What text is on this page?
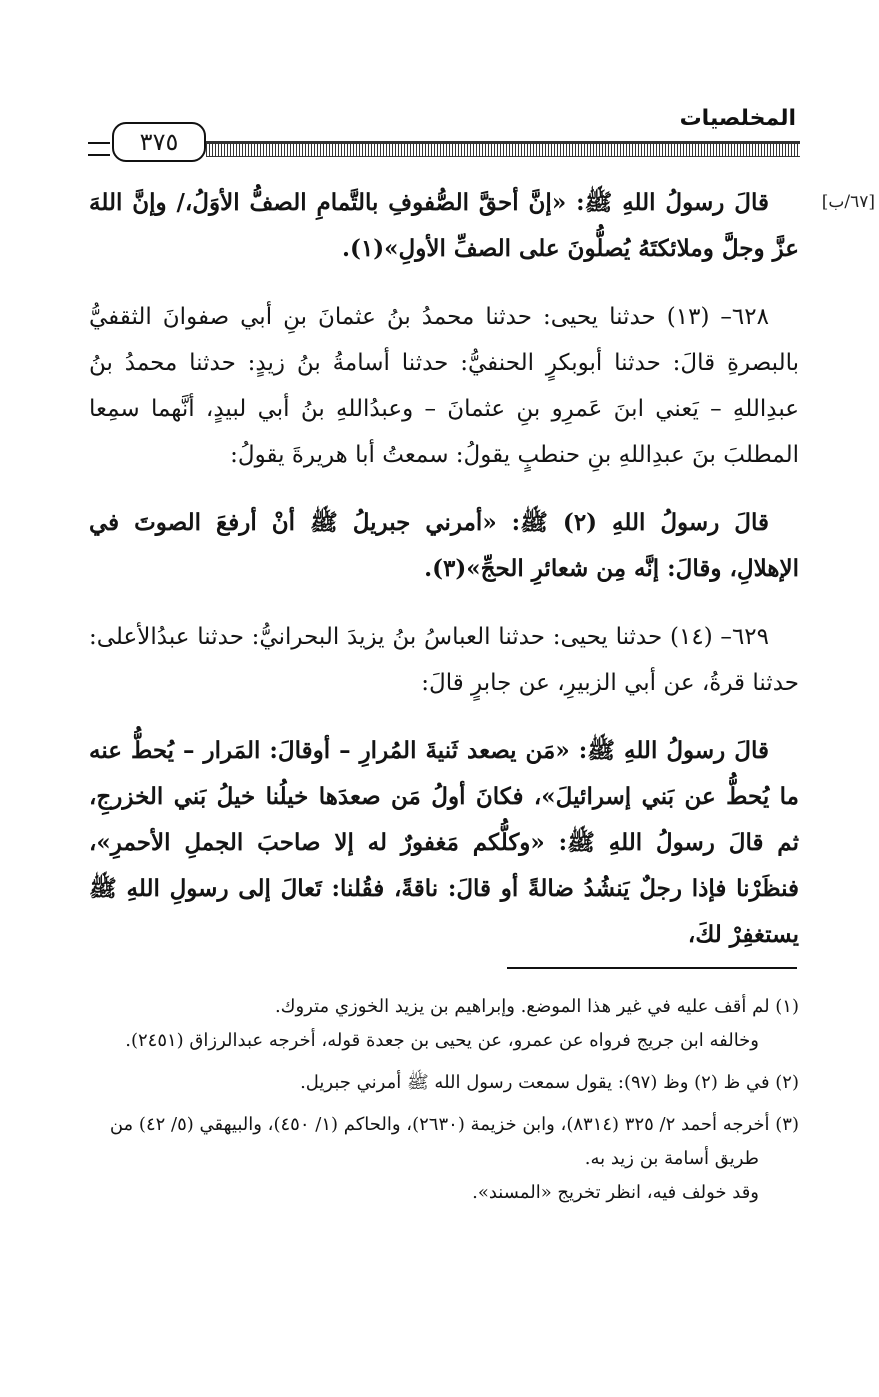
المخلصيات
٣٧٥
[٦٧/ب]

قالَ رسولُ اللهِ ﷺ: «إنَّ أحقَّ الصُّفوفِ بالتَّمامِ الصفُّ الأوَلُ،/ وإنَّ اللهَ عزَّ وجلَّ وملائكتَهُ يُصلُّونَ على الصفِّ الأولِ»(١).

٦٢٨– (١٣) حدثنا يحيى: حدثنا محمدُ بنُ عثمانَ بنِ أبي صفوانَ الثقفيُّ بالبصرةِ قالَ: حدثنا أبوبكرٍ الحنفيُّ: حدثنا أسامةُ بنُ زيدٍ: حدثنا محمدُ بنُ عبدِاللهِ – يَعني ابنَ عَمرِو بنِ عثمانَ – وعبدُاللهِ بنُ أبي لبيدٍ، أنَّهما سمِعا المطلبَ بنَ عبدِاللهِ بنِ حنطبٍ يقولُ: سمعتُ أبا هريرةَ يقولُ:

قالَ رسولُ اللهِ (٢) ﷺ: «أمرني جبريلُ ﷺ أنْ أرفعَ الصوتَ في الإهلالِ، وقالَ: إنَّه مِن شعائرِ الحجِّ»(٣).

٦٢٩– (١٤) حدثنا يحيى: حدثنا العباسُ بنُ يزيدَ البحرانيُّ: حدثنا عبدُالأعلى: حدثنا قرةُ، عن أبي الزبيرِ، عن جابرٍ قالَ:

قالَ رسولُ اللهِ ﷺ: «مَن يصعد ثَنيةَ المُرارِ – أوقالَ: المَرار – يُحطُّ عنه ما يُحطُّ عن بَني إسرائيلَ»، فكانَ أولُ مَن صعدَها خيلُنا خيلُ بَني الخزرجِ، ثم قالَ رسولُ اللهِ ﷺ: «وكلُّكم مَغفورٌ له إلا صاحبَ الجملِ الأحمرِ»، فنظَرْنا فإذا رجلٌ يَنشُدُ ضالةً أو قالَ: ناقةً، فقُلنا: تَعالَ إلى رسولِ اللهِ ﷺ يستغفِرْ لكَ،

(١) لم أقف عليه في غير هذا الموضع. وإبراهيم بن يزيد الخوزي متروك.

وخالفه ابن جريج فرواه عن عمرو، عن يحيى بن جعدة قوله، أخرجه عبدالرزاق (٢٤٥١).

(٢) في ظ (٢) وظ (٩٧): يقول سمعت رسول الله ﷺ أمرني جبريل.

(٣) أخرجه أحمد ٢/ ٣٢٥ (٨٣١٤)، وابن خزيمة (٢٦٣٠)، والحاكم (١/ ٤٥٠)، والبيهقي (٥/ ٤٢) من طريق أسامة بن زيد به.

وقد خولف فيه، انظر تخريج «المسند».
